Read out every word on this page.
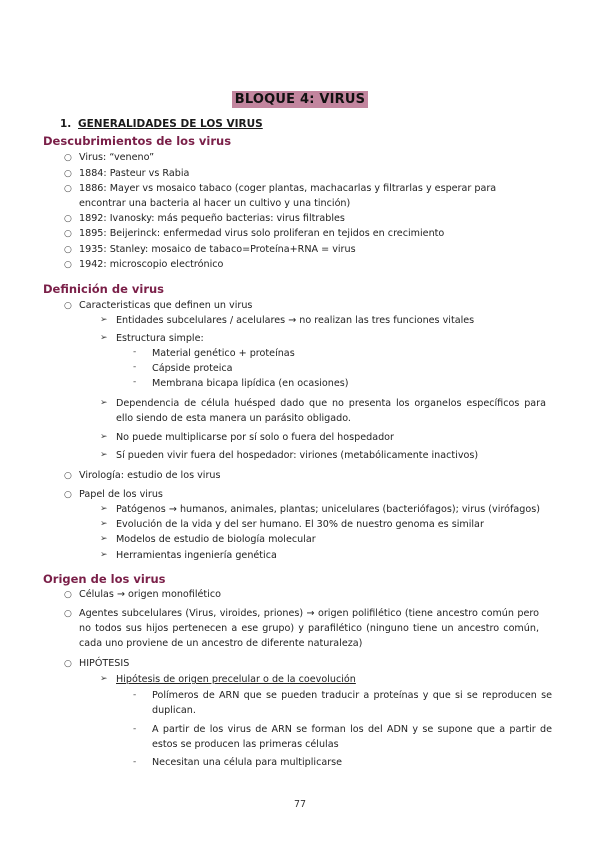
BLOQUE 4: VIRUS
1. GENERALIDADES DE LOS VIRUS
Descubrimientos de los virus
○ Virus: “veneno”
○ 1884: Pasteur vs Rabia
○ 1886: Mayer vs mosaico tabaco (coger plantas, machacarlas y filtrarlas y esperar para encontrar una bacteria al hacer un cultivo y una tinción)
○ 1892: Ivanosky: más pequeño bacterias: virus filtrables
○ 1895: Beijerinck: enfermedad virus solo proliferan en tejidos en crecimiento
○ 1935: Stanley: mosaico de tabaco=Proteína+RNA = virus
○ 1942: microscopio electrónico
Definición de virus
○ Caracteristicas que definen un virus
➢ Entidades subcelulares / acelulares → no realizan las tres funciones vitales
➢ Estructura simple:
- Material genético + proteínas
- Cápside proteica
- Membrana bicapa lipídica (en ocasiones)
➢ Dependencia de célula huésped dado que no presenta los organelos específicos para ello siendo de esta manera un parásito obligado.
➢ No puede multiplicarse por sí solo o fuera del hospedador
➢ Sí pueden vivir fuera del hospedador: viriones (metabólicamente inactivos)
○ Virología: estudio de los virus
○ Papel de los virus
➢ Patógenos → humanos, animales, plantas; unicelulares (bacteriófagos); virus (virófagos)
➢ Evolución de la vida y del ser humano. El 30% de nuestro genoma es similar
➢ Modelos de estudio de biología molecular
➢ Herramientas ingeniería genética
Origen de los virus
○ Células → origen monofilético
○ Agentes subcelulares (Virus, viroides, priones) → origen polifilético (tiene ancestro común pero no todos sus hijos pertenecen a ese grupo) y parafilético (ninguno tiene un ancestro común, cada uno proviene de un ancestro de diferente naturaleza)
○ HIPÓTESIS
➢ Hipótesis de origen precelular o de la coevolución
- Polímeros de ARN que se pueden traducir a proteínas y que si se reproducen se duplican.
- A partir de los virus de ARN se forman los del ADN y se supone que a partir de estos se producen las primeras células
- Necesitan una célula para multiplicarse
77
